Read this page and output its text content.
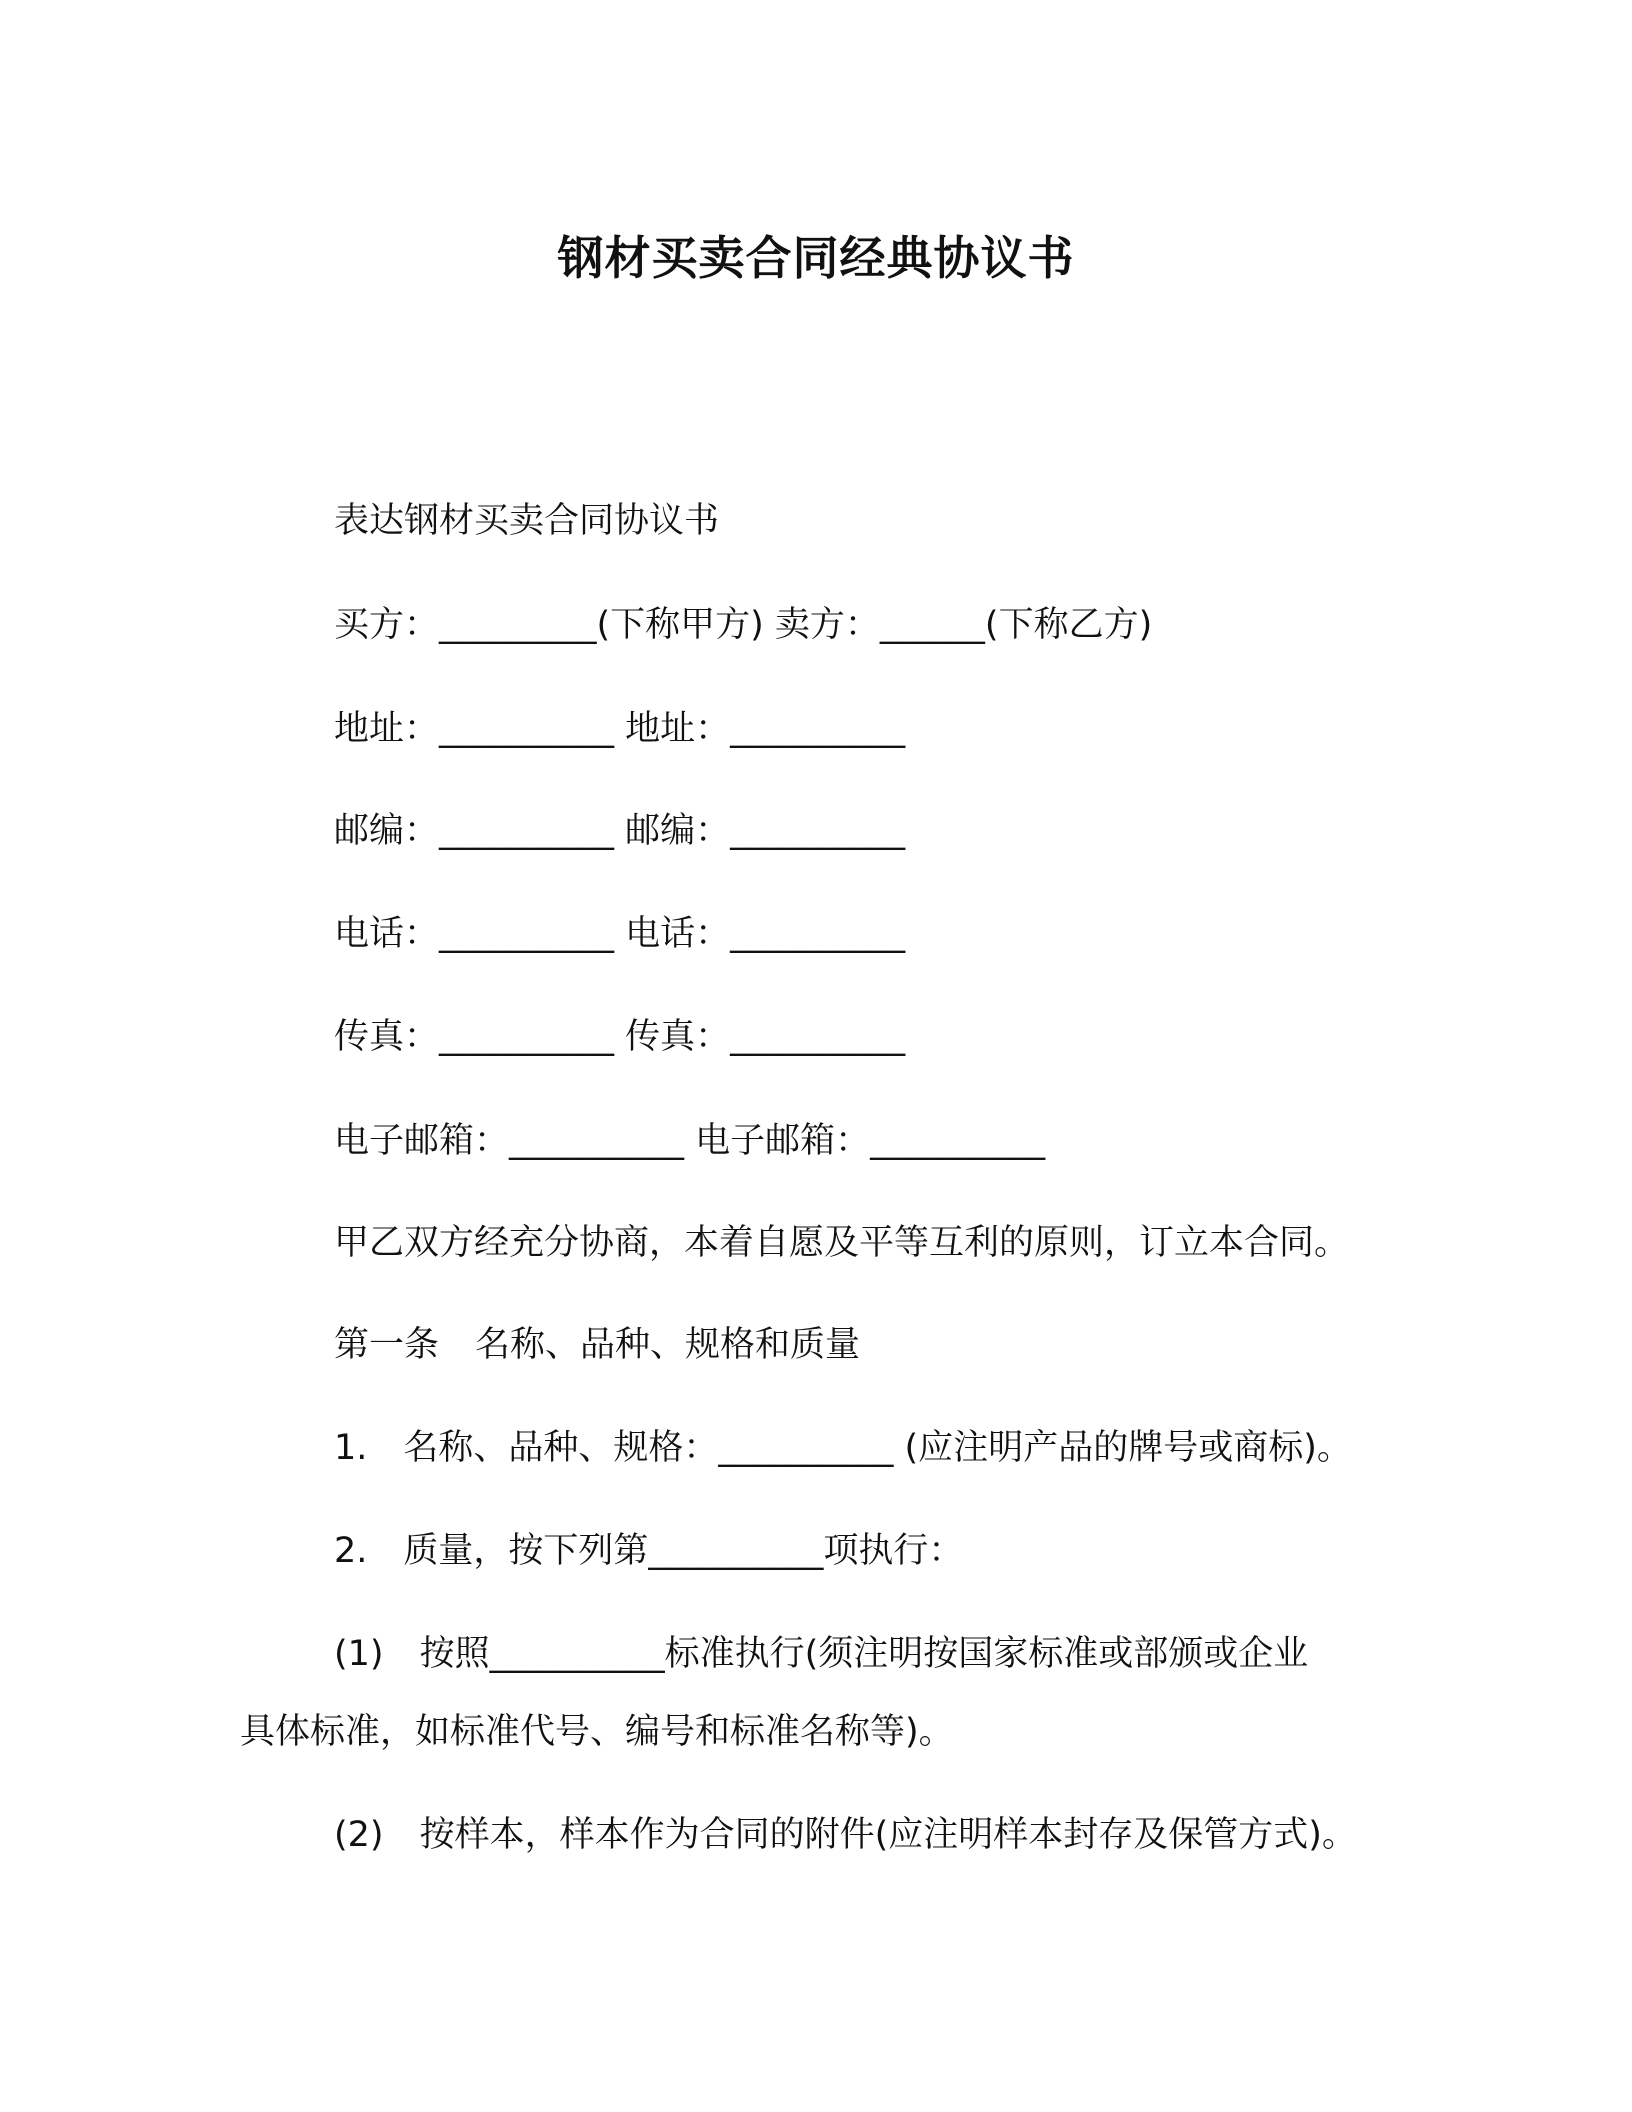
钢材买卖合同经典协议书
表达钢材买卖合同协议书
买方：_________(下称甲方) 卖方：______(下称乙方)
地址：__________ 地址：__________
邮编：__________ 邮编：__________
电话：__________ 电话：__________
传真：__________ 传真：__________
电子邮箱：__________ 电子邮箱：__________
甲乙双方经充分协商，本着自愿及平等互利的原则，订立本合同。
第一条 名称、品种、规格和质量
1. 名称、品种、规格：__________ (应注明产品的牌号或商标)。
2. 质量，按下列第__________项执行：
(1) 按照__________标准执行(须注明按国家标准或部颁或企业
具体标准，如标准代号、编号和标准名称等)。
(2) 按样本，样本作为合同的附件(应注明样本封存及保管方式)。
